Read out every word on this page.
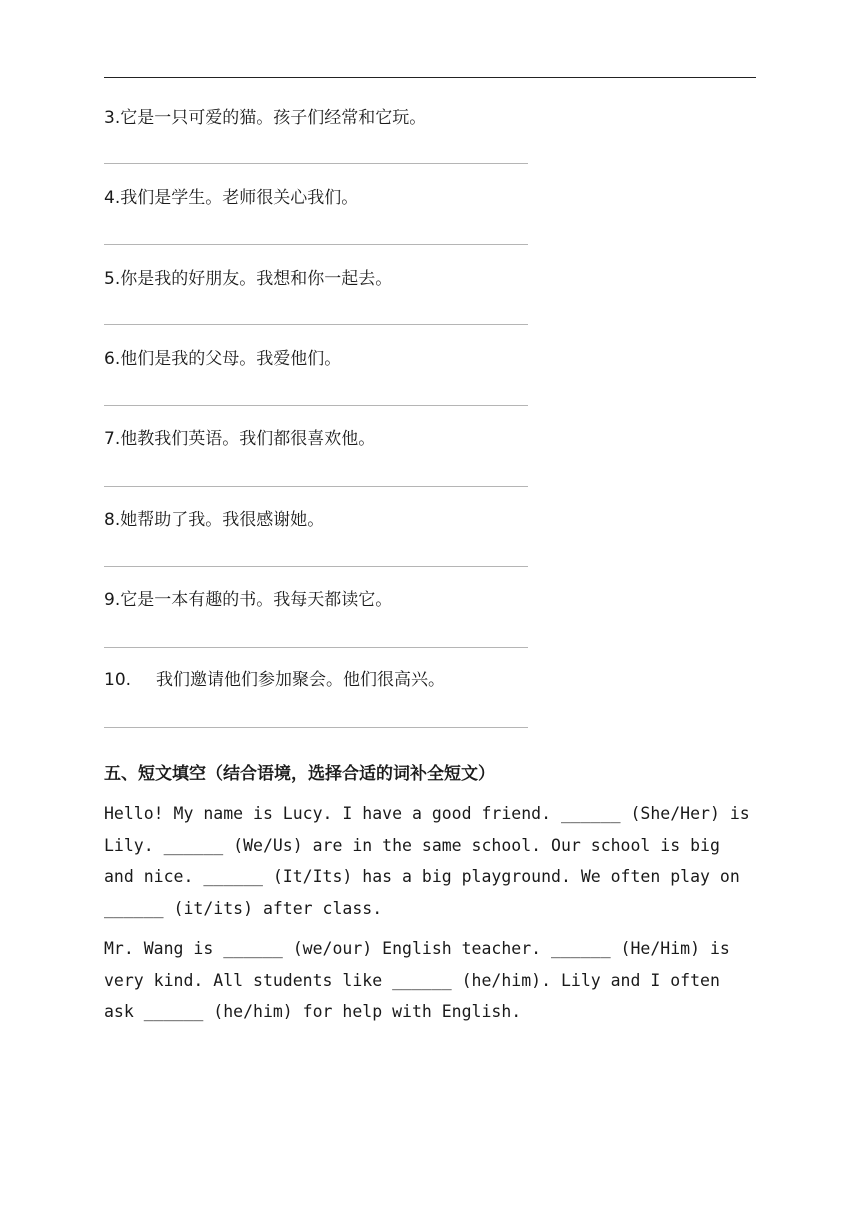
3.它是一只可爱的猫。孩子们经常和它玩。
4.我们是学生。老师很关心我们。
5.你是我的好朋友。我想和你一起去。
6.他们是我的父母。我爱他们。
7.他教我们英语。我们都很喜欢他。
8.她帮助了我。我很感谢她。
9.它是一本有趣的书。我每天都读它。
10. 我们邀请他们参加聚会。他们很高兴。
五、短文填空（结合语境，选择合适的词补全短文）

Hello! My name is Lucy. I have a good friend. ______ (She/Her) is Lily. ______ (We/Us) are in the same school. Our school is big and nice. ______ (It/Its) has a big playground. We often play on ______ (it/its) after class.

Mr. Wang is ______ (we/our) English teacher. ______ (He/Him) is very kind. All students like ______ (he/him). Lily and I often ask ______ (he/him) for help with English.
